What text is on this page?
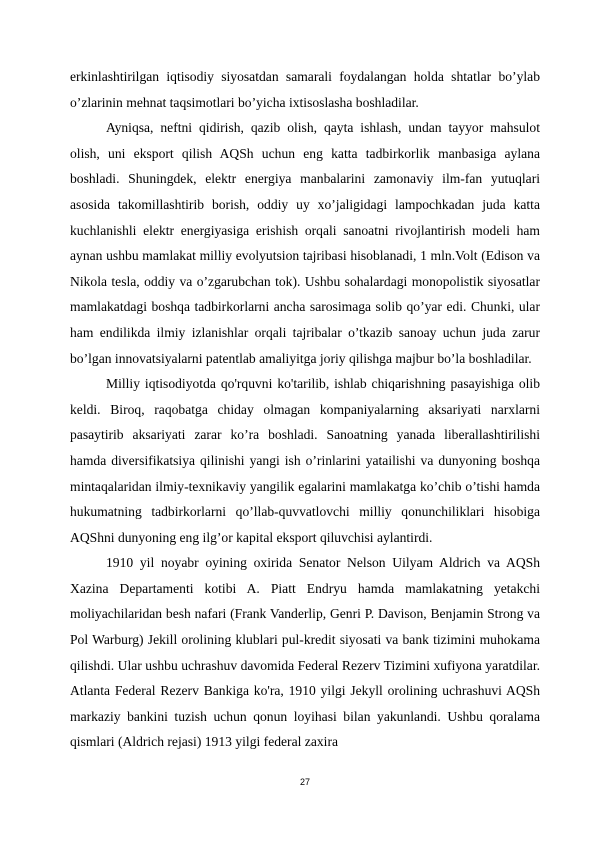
erkinlashtirilgan iqtisodiy siyosatdan samarali foydalangan holda shtatlar bo’ylab o’zlarinin mehnat taqsimotlari bo’yicha ixtisoslasha boshladilar.

Ayniqsa, neftni qidirish, qazib olish, qayta ishlash, undan tayyor mahsulot olish, uni eksport qilish AQSh uchun eng katta tadbirkorlik manbasiga aylana boshladi. Shuningdek, elektr energiya manbalarini zamonaviy ilm-fan yutuqlari asosida takomillashtirib borish, oddiy uy xo’jaligidagi lampochkadan juda katta kuchlanishli elektr energiyasiga erishish orqali sanoatni rivojlantirish modeli ham aynan ushbu mamlakat milliy evolyutsion tajribasi hisoblanadi, 1 mln.Volt (Edison va Nikola tesla, oddiy va o’zgarubchan tok). Ushbu sohalardagi monopolistik siyosatlar mamlakatdagi boshqa tadbirkorlarni ancha sarosimaga solib qo’yar edi. Chunki, ular ham endilikda ilmiy izlanishlar orqali tajribalar o’tkazib sanoay uchun juda zarur bo’lgan innovatsiyalarni patentlab amaliyitga joriy qilishga majbur bo’la boshladilar.

Milliy iqtisodiyotda qo'rquvni ko'tarilib, ishlab chiqarishning pasayishiga olib keldi. Biroq, raqobatga chiday olmagan kompaniyalarning aksariyati narxlarni pasaytirib aksariyati zarar ko’ra boshladi. Sanoatning yanada liberallashtirilishi hamda diversifikatsiya qilinishi yangi ish o’rinlarini yatailishi va dunyoning boshqa mintaqalaridan ilmiy-texnikaviy yangilik egalarini mamlakatga ko’chib o’tishi hamda hukumatning tadbirkorlarni qo’llab-quvvatlovchi milliy qonunchiliklari hisobiga AQShni dunyoning eng ilg’or kapital eksport qiluvchisi aylantirdi.

1910 yil noyabr oyining oxirida Senator Nelson Uilyam Aldrich va AQSh Xazina Departamenti kotibi A. Piatt Endryu hamda mamlakatning yetakchi moliyachilaridan besh nafari (Frank Vanderlip, Genri P. Davison, Benjamin Strong va Pol Warburg) Jekill orolining klublari pul-kredit siyosati va bank tizimini muhokama qilishdi. Ular ushbu uchrashuv davomida Federal Rezerv Tizimini xufiyona yaratdilar. Atlanta Federal Rezerv Bankiga ko'ra, 1910 yilgi Jekyll orolining uchrashuvi AQSh markaziy bankini tuzish uchun qonun loyihasi bilan yakunlandi. Ushbu qoralama qismlari (Aldrich rejasi) 1913 yilgi federal zaxira

27
